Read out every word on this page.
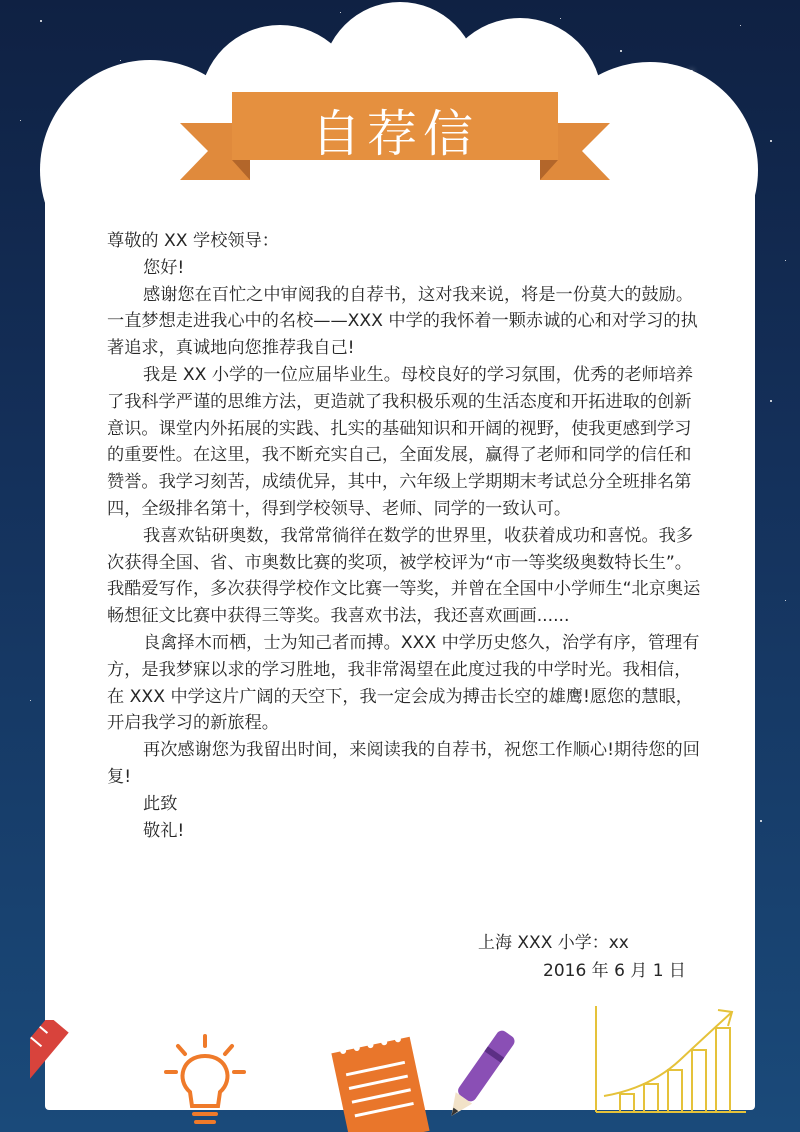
自荐信

尊敬的 XX 学校领导：

您好!

感谢您在百忙之中审阅我的自荐书，这对我来说，将是一份莫大的鼓励。一直梦想走进我心中的名校——XXX 中学的我怀着一颗赤诚的心和对学习的执著追求，真诚地向您推荐我自己!

我是 XX 小学的一位应届毕业生。母校良好的学习氛围，优秀的老师培养了我科学严谨的思维方法，更造就了我积极乐观的生活态度和开拓进取的创新意识。课堂内外拓展的实践、扎实的基础知识和开阔的视野，使我更感到学习的重要性。在这里，我不断充实自己，全面发展，赢得了老师和同学的信任和赞誉。我学习刻苦，成绩优异，其中，六年级上学期期末考试总分全班排名第四，全级排名第十，得到学校领导、老师、同学的一致认可。

我喜欢钻研奥数，我常常徜徉在数学的世界里，收获着成功和喜悦。我多次获得全国、省、市奥数比赛的奖项，被学校评为“市一等奖级奥数特长生”。我酷爱写作，多次获得学校作文比赛一等奖，并曾在全国中小学师生“北京奥运畅想征文比赛中获得三等奖。我喜欢书法，我还喜欢画画......

良禽择木而栖，士为知己者而搏。XXX 中学历史悠久，治学有序，管理有方，是我梦寐以求的学习胜地，我非常渴望在此度过我的中学时光。我相信，在 XXX 中学这片广阔的天空下，我一定会成为搏击长空的雄鹰!愿您的慧眼，开启我学习的新旅程。

再次感谢您为我留出时间，来阅读我的自荐书，祝您工作顺心!期待您的回复!

此致

敬礼!

上海 XXX 小学：xx
2016 年 6 月 1 日
